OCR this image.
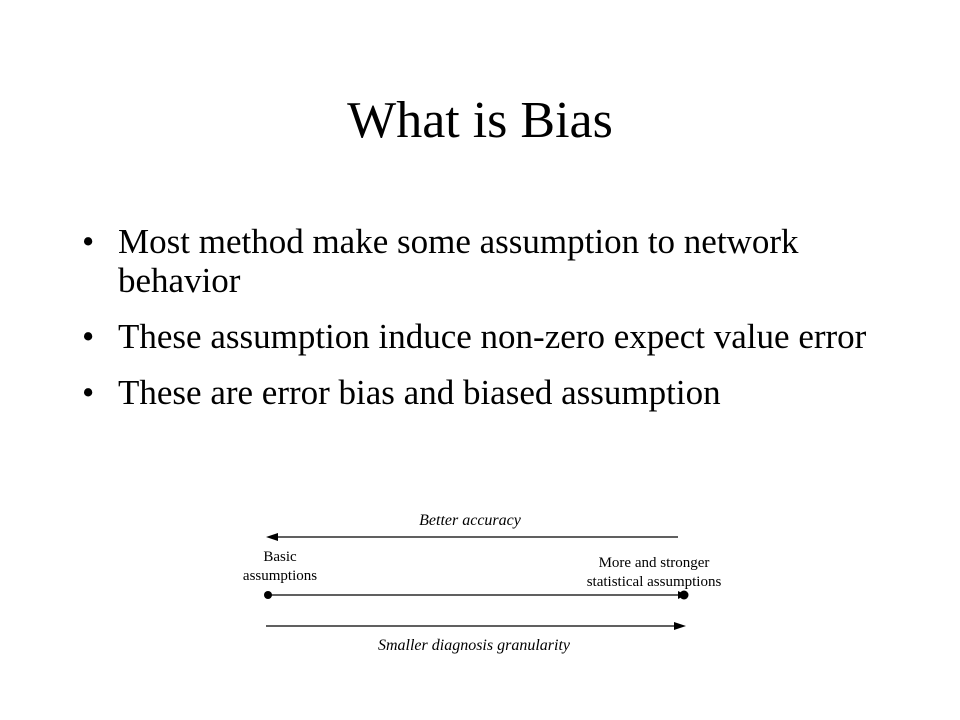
What is Bias
• Most method make some assumption to network behavior
• These assumption induce non-zero expect value error
• These are error bias and biased assumption
Better accuracy
Basic
assumptions
More and stronger
statistical assumptions
Smaller diagnosis granularity
